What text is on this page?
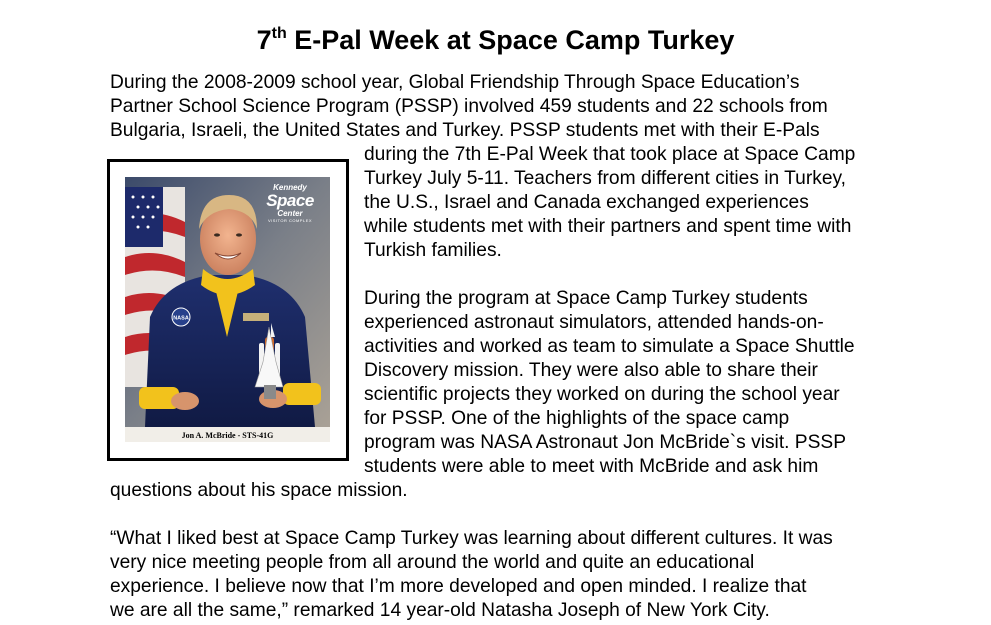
7th E-Pal Week at Space Camp Turkey

During the 2008-2009 school year, Global Friendship Through Space Education’s
Partner School Science Program (PSSP) involved 459 students and 22 schools from
Bulgaria, Israeli, the United States and Turkey. PSSP students met with their E-Pals
during the 7th E-Pal Week that took place at Space Camp
Turkey July 5-11. Teachers from different cities in Turkey,
the U.S., Israel and Canada exchanged experiences
while students met with their partners and spent time with
Turkish families.

During the program at Space Camp Turkey students
experienced astronaut simulators, attended hands-on-
activities and worked as team to simulate a Space Shuttle
Discovery mission. They were also able to share their
scientific projects they worked on during the school year
for PSSP. One of the highlights of the space camp
program was NASA Astronaut Jon McBride`s visit. PSSP
students were able to meet with McBride and ask him
questions about his space mission.

“What I liked best at Space Camp Turkey was learning about different cultures. It was
very nice meeting people from all around the world and quite an educational
experience. I believe now that I’m more developed and open minded. I realize that
we are all the same,” remarked 14 year-old Natasha Joseph of New York City.

NASA
Kennedy
Space
Center
VISITOR COMPLEX
Jon A. McBride - STS-41G
